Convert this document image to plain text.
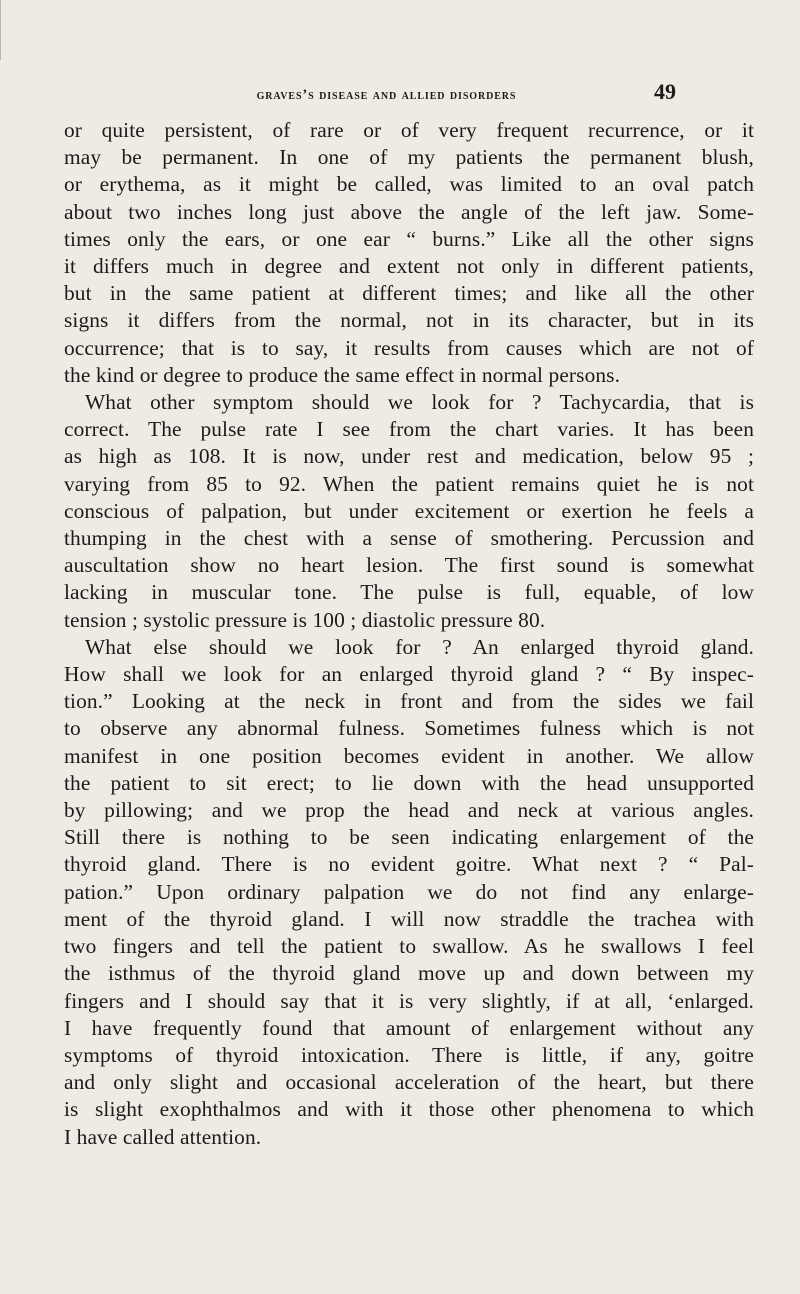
graves’s disease and allied disorders	49
or quite persistent, of rare or of very frequent recurrence, or it
may be permanent. In one of my patients the permanent blush,
or erythema, as it might be called, was limited to an oval patch
about two inches long just above the angle of the left jaw. Some-
times only the ears, or one ear “ burns.” Like all the other signs
it differs much in degree and extent not only in different patients,
but in the same patient at different times; and like all the other
signs it differs from the normal, not in its character, but in its
occurrence; that is to say, it results from causes which are not of
the kind or degree to produce the same effect in normal persons.
What other symptom should we look for ? Tachycardia, that is
correct. The pulse rate I see from the chart varies. It has been
as high as 108. It is now, under rest and medication, below 95 ;
varying from 85 to 92. When the patient remains quiet he is not
conscious of palpation, but under excitement or exertion he feels a
thumping in the chest with a sense of smothering. Percussion and
auscultation show no heart lesion. The first sound is somewhat
lacking in muscular tone. The pulse is full, equable, of low
tension ; systolic pressure is 100 ; diastolic pressure 80.
What else should we look for ? An enlarged thyroid gland.
How shall we look for an enlarged thyroid gland ? “ By inspec-
tion.” Looking at the neck in front and from the sides we fail
to observe any abnormal fulness. Sometimes fulness which is not
manifest in one position becomes evident in another. We allow
the patient to sit erect; to lie down with the head unsupported
by pillowing; and we prop the head and neck at various angles.
Still there is nothing to be seen indicating enlargement of the
thyroid gland. There is no evident goitre. What next ? “ Pal-
pation.” Upon ordinary palpation we do not find any enlarge-
ment of the thyroid gland. I will now straddle the trachea with
two fingers and tell the patient to swallow. As he swallows I feel
the isthmus of the thyroid gland move up and down between my
fingers and I should say that it is very slightly, if at all, ‘enlarged.
I have frequently found that amount of enlargement without any
symptoms of thyroid intoxication. There is little, if any, goitre
and only slight and occasional acceleration of the heart, but there
is slight exophthalmos and with it those other phenomena to which
I have called attention.
